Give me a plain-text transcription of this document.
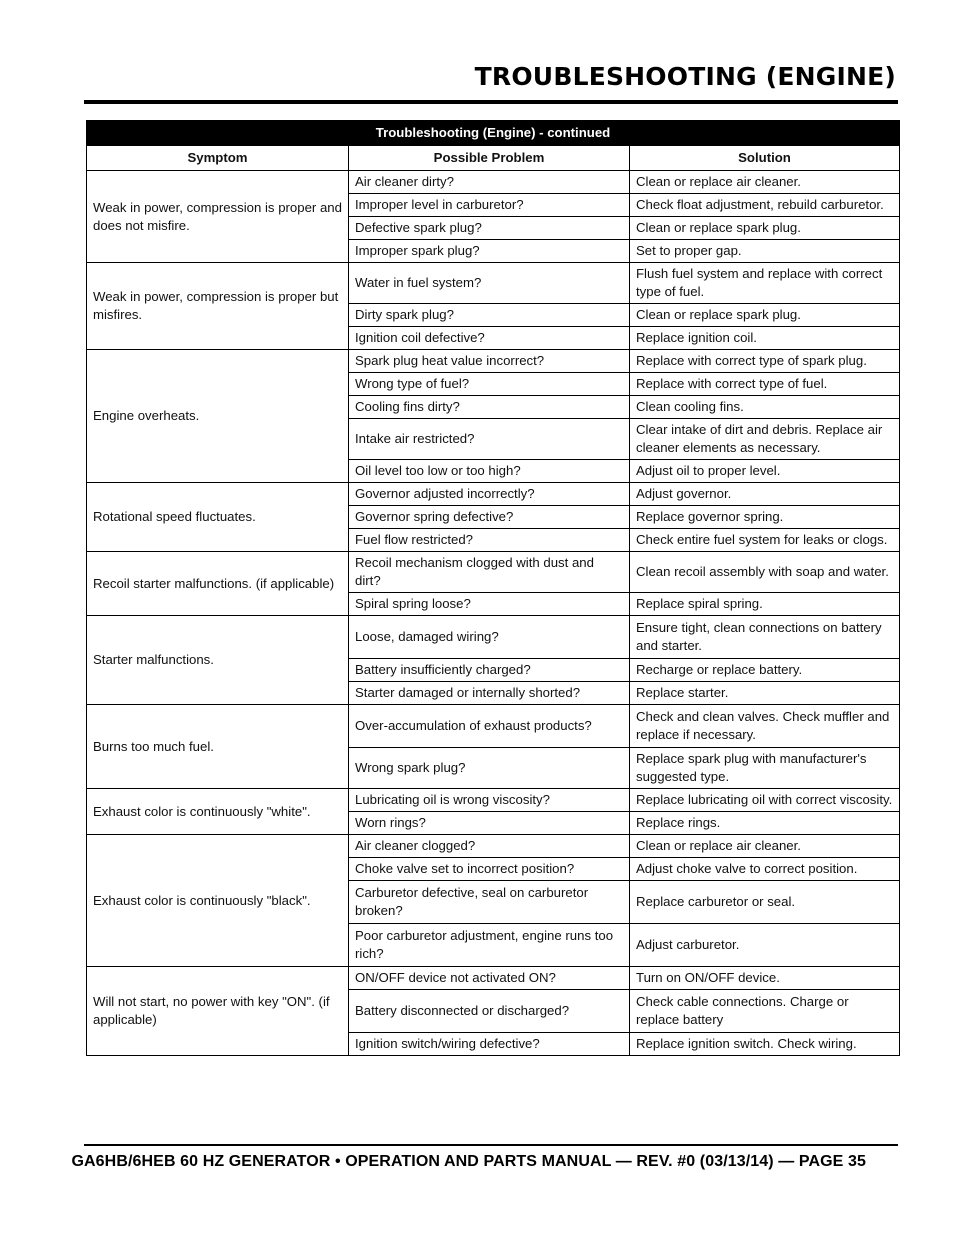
TROUBLESHOOTING (ENGINE)
Troubleshooting (Engine) - continued		
Symptom	Possible Problem	Solution
Weak in power, compression is proper and does not misfire.	Air cleaner dirty?	Clean or replace air cleaner.
	Improper level in carburetor?	Check float adjustment, rebuild carburetor.
	Defective spark plug?	Clean or replace spark plug.
	Improper spark plug?	Set to proper gap.
Weak in power, compression is proper but misfires.	Water in fuel system?	Flush fuel system and replace with correct type of fuel.
	Dirty spark plug?	Clean or replace spark plug.
	Ignition coil defective?	Replace ignition coil.
Engine overheats.	Spark plug heat value incorrect?	Replace with correct type of spark plug.
	Wrong type of fuel?	Replace with correct type of fuel.
	Cooling fins dirty?	Clean cooling fins.
	Intake air restricted?	Clear intake of dirt and debris. Replace air cleaner elements as necessary.
	Oil level too low or too high?	Adjust oil to proper level.
Rotational speed fluctuates.	Governor adjusted incorrectly?	Adjust governor.
	Governor spring defective?	Replace governor spring.
	Fuel flow restricted?	Check entire fuel system for leaks or clogs.
Recoil starter malfunctions. (if applicable)	Recoil mechanism clogged with dust and dirt?	Clean recoil assembly with soap and water.
	Spiral spring loose?	Replace spiral spring.
Starter malfunctions.	Loose, damaged wiring?	Ensure tight, clean connections on battery and starter.
	Battery insufficiently charged?	Recharge or replace battery.
	Starter damaged or internally shorted?	Replace starter.
Burns too much fuel.	Over-accumulation of exhaust products?	Check and clean valves. Check muffler and replace if necessary.
	Wrong spark plug?	Replace spark plug with manufacturer's suggested type.
Exhaust color is continuously "white".	Lubricating oil is wrong viscosity?	Replace lubricating oil with correct viscosity.
	Worn rings?	Replace rings.
Exhaust color is continuously "black".	Air cleaner clogged?	Clean or replace air cleaner.
	Choke valve set to incorrect position?	Adjust choke valve to correct position.
	Carburetor defective, seal on carburetor broken?	Replace carburetor or seal.
	Poor carburetor adjustment, engine runs too rich?	Adjust carburetor.
Will not start, no power with key "ON". (if applicable)	ON/OFF device not activated ON?	Turn on ON/OFF device.
	Battery disconnected or discharged?	Check cable connections. Charge or replace battery
	Ignition switch/wiring defective?	Replace ignition switch. Check wiring.

GA6HB/6HEB 60 HZ GENERATOR • OPERATION AND PARTS MANUAL — REV. #0 (03/13/14) — PAGE 35
